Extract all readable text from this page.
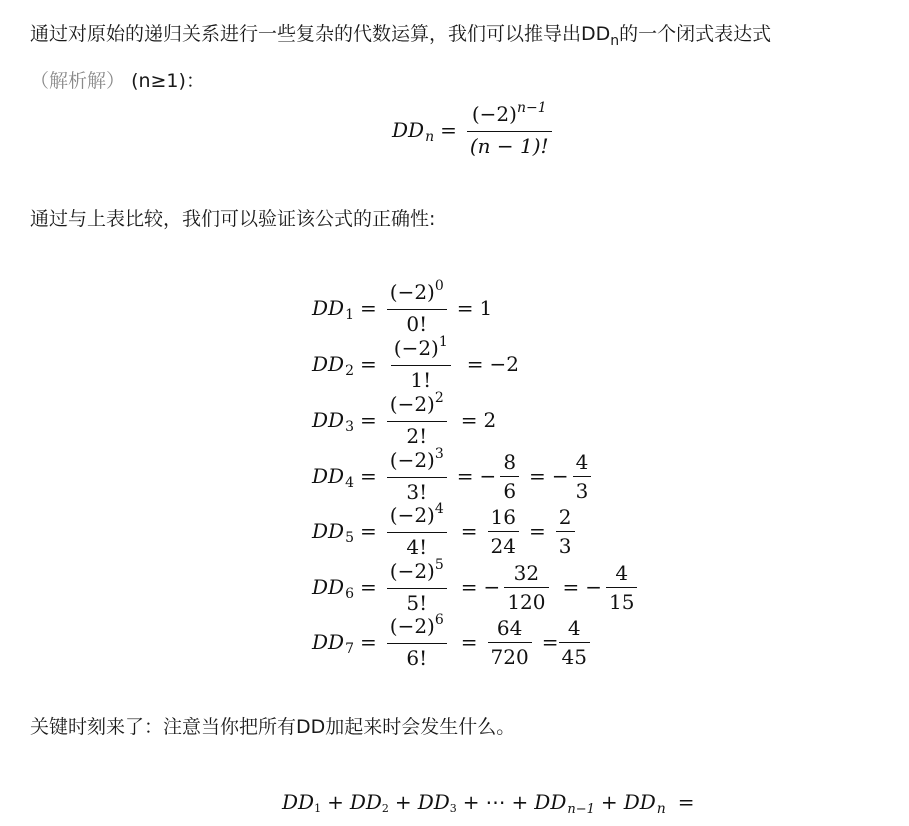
通过对原始的递归关系进行一些复杂的代数运算，我们可以推导出$DD_n$的一个闭式表达式
（解析解） (n≥1)：
DD $n = \frac{(-2)^{n-1}}{(n - 1)!}$
通过与上表比较，我们可以验证该公式的正确性:
DD $1 = \frac{(-2)^0}{0!} = 1$
DD $2 = \frac{(-2)^1}{1!} = -2$
DD $3 = \frac{(-2)^2}{2!} = 2$
DD $4 = \frac{(-2)^3}{3!}$ = − $\frac{8}{6}$ = − $\frac{4}{3}$
DD $5 = \frac{(-2)^4}{4!} = \frac{16}{24} = \frac{2}{3}$
DD $6 = \frac{(-2)^5}{5!}$ = − $\frac{32}{120}$ = − $\frac{4}{15}$
DD $7 = \frac{(-2)^6}{6!} = \frac{64}{720} = \frac{4}{45}$
关键时刻来了：注意当你把所有DD加起来时会发生什么。
DD 1 + DD 2 + DD 3 + ⋯ + DD n−1 + DD n =
